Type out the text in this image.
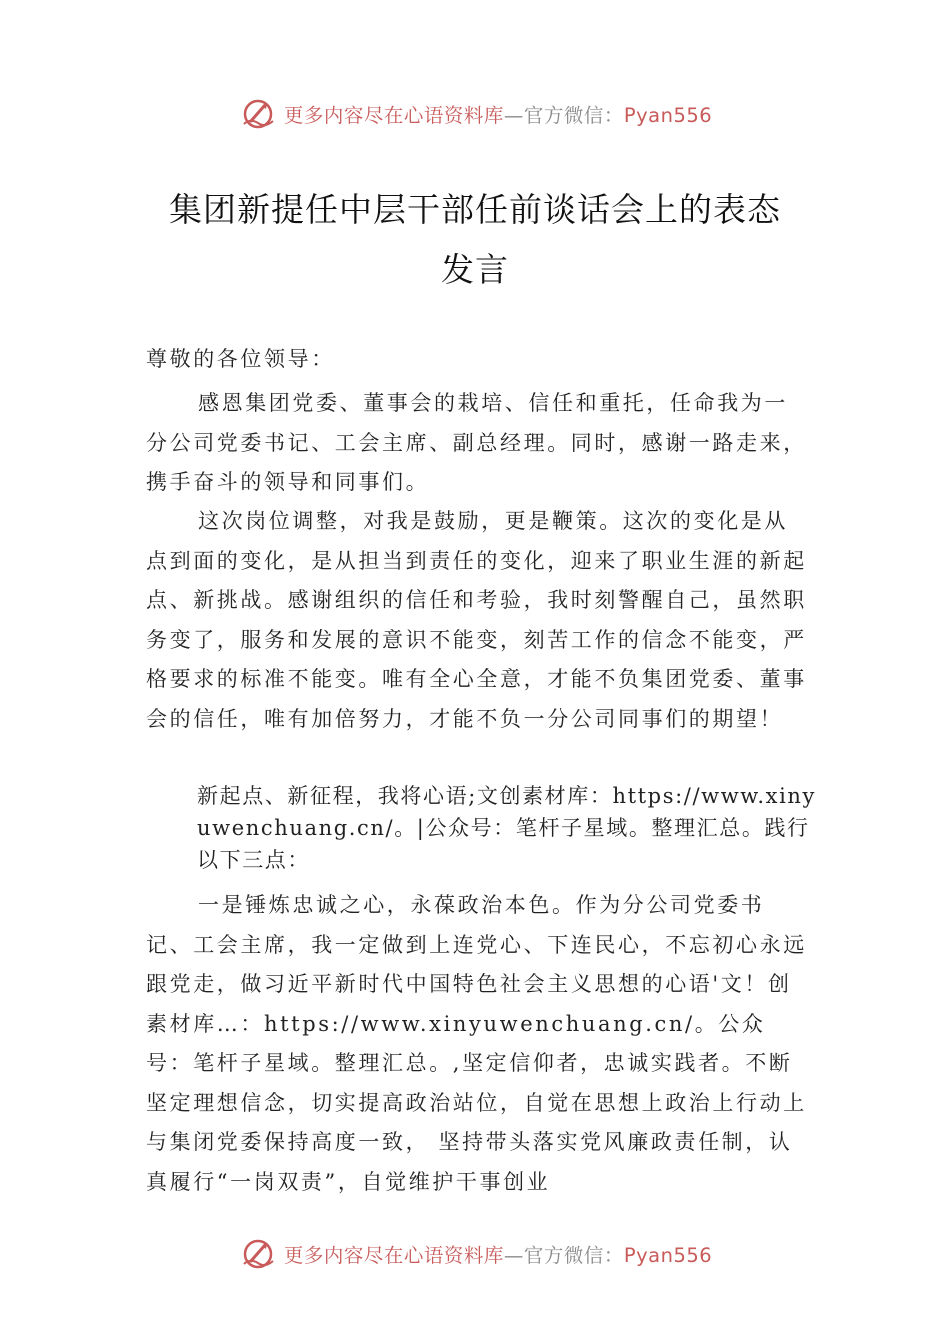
更多内容尽在心语资料库—官方微信：Pyan556
集团新提任中层干部任前谈话会上的表态
发言

尊敬的各位领导：

感恩集团党委、董事会的栽培、信任和重托，任命我为一分公司党委书记、工会主席、副总经理。同时，感谢一路走来，携手奋斗的领导和同事们。

这次岗位调整，对我是鼓励，更是鞭策。这次的变化是从点到面的变化，是从担当到责任的变化，迎来了职业生涯的新起点、新挑战。感谢组织的信任和考验，我时刻警醒自己，虽然职务变了，服务和发展的意识不能变，刻苦工作的信念不能变，严格要求的标准不能变。唯有全心全意，才能不负集团党委、董事会的信任，唯有加倍努力，才能不负一分公司同事们的期望！

新起点、新征程，我将心语;文创素材库：https://www.xinyuwenchuang.cn/。|公众号：笔杆子星域。整理汇总。践行以下三点：

一是锤炼忠诚之心，永葆政治本色。作为分公司党委书记、工会主席，我一定做到上连党心、下连民心，不忘初心永远跟党走，做习近平新时代中国特色社会主义思想的心语'文！创素材库…：https://www.xinyuwenchuang.cn/。公众号：笔杆子星域。整理汇总。,坚定信仰者，忠诚实践者。不断坚定理想信念，切实提高政治站位，自觉在思想上政治上行动上与集闭党委保持高度一致， 坚持带头落实党风廉政责任制，认真履行“一岗双责”，自觉维护干事创业

更多内容尽在心语资料库—官方微信：Pyan556
